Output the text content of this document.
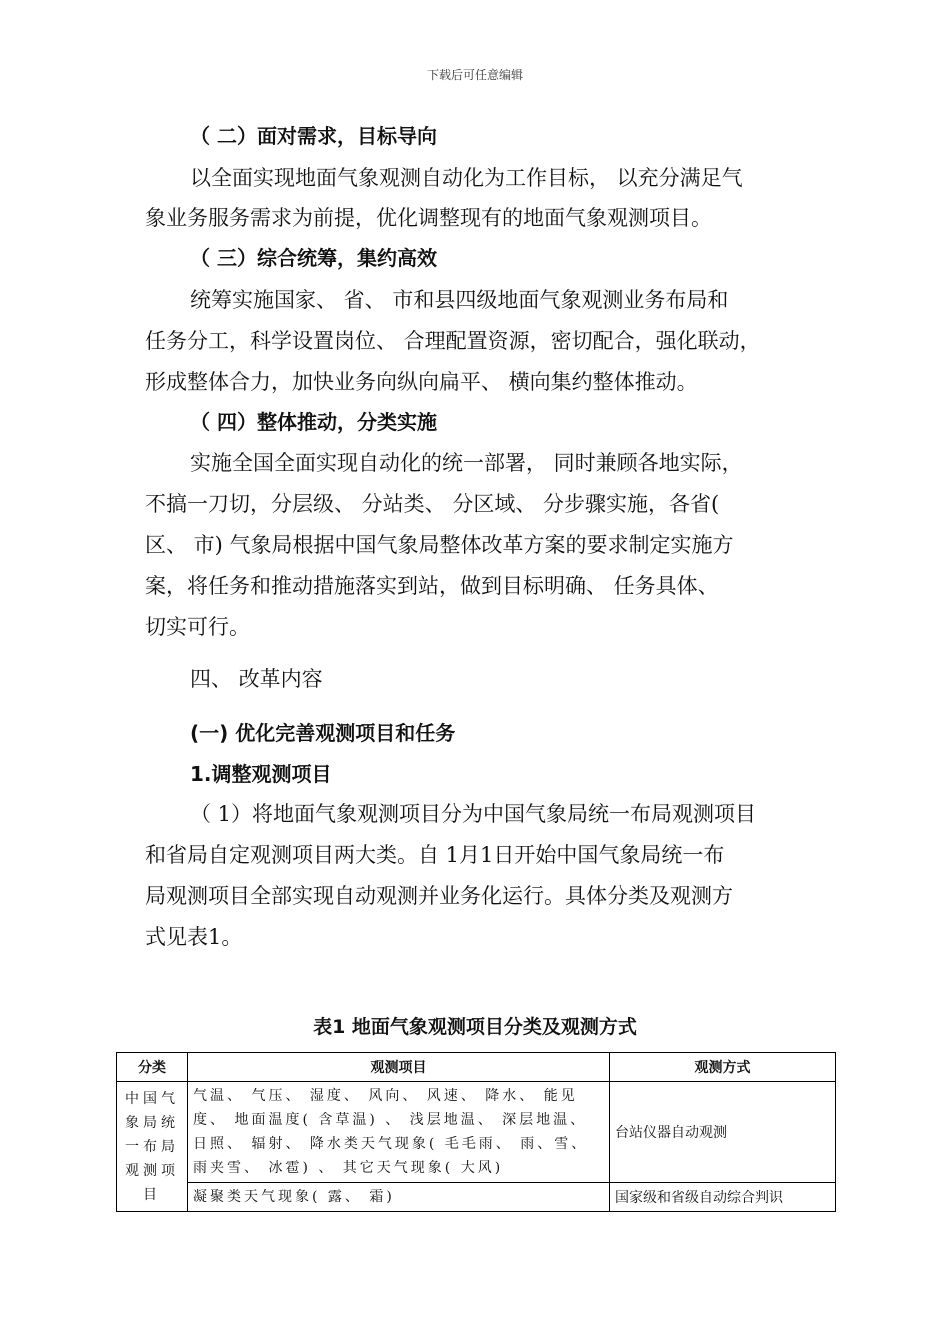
下载后可任意编辑
（ 二）面对需求，目标导向
以全面实现地面气象观测自动化为工作目标， 以充分满足气
象业务服务需求为前提，优化调整现有的地面气象观测项目。
（ 三）综合统筹，集约高效
统筹实施国家、 省、 市和县四级地面气象观测业务布局和
任务分工，科学设置岗位、 合理配置资源，密切配合，强化联动，
形成整体合力，加快业务向纵向扁平、 横向集约整体推动。
（ 四）整体推动，分类实施
实施全国全面实现自动化的统一部署， 同时兼顾各地实际，
不搞一刀切，分层级、 分站类、 分区域、 分步骤实施，各省(
区、 市) 气象局根据中国气象局整体改革方案的要求制定实施方
案，将任务和推动措施落实到站，做到目标明确、 任务具体、
切实可行。
四、 改革内容
(一) 优化完善观测项目和任务
1.调整观测项目
（ 1）将地面气象观测项目分为中国气象局统一布局观测项目
和省局自定观测项目两大类。自 1月1日开始中国气象局统一布
局观测项目全部实现自动观测并业务化运行。具体分类及观测方
式见表1。
表1 地面气象观测项目分类及观测方式
分类	观测项目	观测方式
中国气象局统一布局观测项目	气温、 气压、 湿度、 风向、 风速、 降水、 能见度、 地面温度( 含草温) 、 浅层地温、 深层地温、日照、 辐射、 降水类天气现象( 毛毛雨、 雨、雪、 雨夹雪、 冰雹) 、 其它天气现象( 大风)	台站仪器自动观测
	凝聚类天气现象( 露、 霜)	国家级和省级自动综合判识
